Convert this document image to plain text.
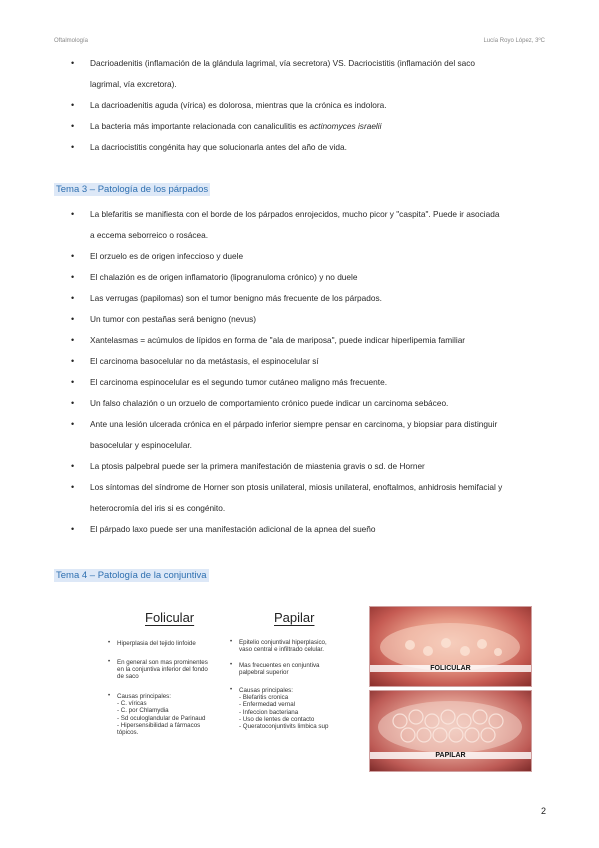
Oftalmología	Lucía Royo López, 3ºC
• Dacrioadenitis (inflamación de la glándula lagrimal, vía secretora) VS. Dacriocistitis (inflamación del saco
lagrimal, vía excretora).
• La dacrioadenitis aguda (vírica) es dolorosa, mientras que la crónica es indolora.
• La bacteria más importante relacionada con canaliculitis es actinomyces israelii
• La dacriocistitis congénita hay que solucionarla antes del año de vida.
Tema 3 – Patología de los párpados
• La blefaritis se manifiesta con el borde de los párpados enrojecidos, mucho picor y "caspita". Puede ir asociada
a eccema seborreico o rosácea.
• El orzuelo es de origen infeccioso y duele
• El chalazión es de origen inflamatorio (lipogranuloma crónico) y no duele
• Las verrugas (papilomas) son el tumor benigno más frecuente de los párpados.
• Un tumor con pestañas será benigno (nevus)
• Xantelasmas = acúmulos de lípidos en forma de "ala de mariposa", puede indicar hiperlipemia familiar
• El carcinoma basocelular no da metástasis, el espinocelular sí
• El carcinoma espinocelular es el segundo tumor cutáneo maligno más frecuente.
• Un falso chalazión o un orzuelo de comportamiento crónico puede indicar un carcinoma sebáceo.
• Ante una lesión ulcerada crónica en el párpado inferior siempre pensar en carcinoma, y biopsiar para distinguir
basocelular y espinocelular.
• La ptosis palpebral puede ser la primera manifestación de miastenia gravis o sd. de Horner
• Los síntomas del síndrome de Horner son ptosis unilateral, miosis unilateral, enoftalmos, anhidrosis hemifacial y
heterocromía del iris si es congénito.
• El párpado laxo puede ser una manifestación adicional de la apnea del sueño
Tema 4 – Patología de la conjuntiva
Folicular	Papilar
• Hiperplasia del tejido linfoide
• En general son mas prominentes
en la conjuntiva inferior del fondo
de saco
• Causas principales:
- C. víricas
- C. por Chlamydia
- Sd oculoglandular de Parinaud
- Hipersensibilidad a fármacos
tópicos.
• Epitelio conjuntival hiperplasico,
vaso central e infiltrado celular.
• Mas frecuentes en conjuntiva
palpebral superior
• Causas principales:
- Blefaritis cronica
- Enfermedad vernal
- Infeccion bacteriana
- Uso de lentes de contacto
- Queratoconjuntivits limbica sup
FOLICULAR
PAPILAR
2
